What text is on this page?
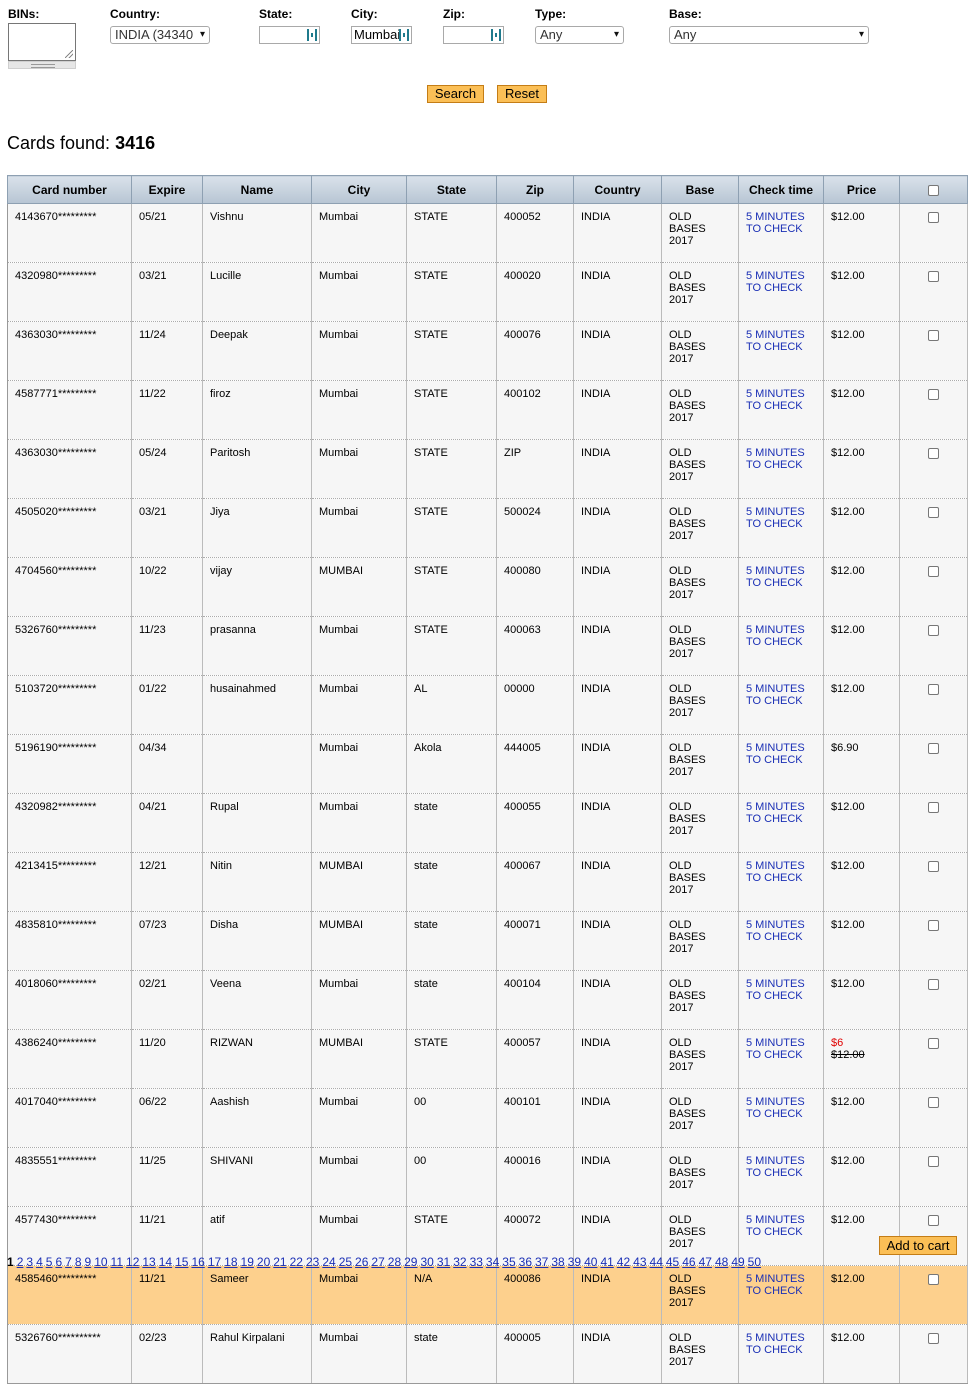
BINs:	Country:
INDIA (34340 ▾
State:	City:
Mumbai
Zip:	Type:
Any	▾
Base:
Any	▾
Search	Reset
Cards found: 3416
Card number	Expire	Name	City	State	Zip	Country	Base	Check time	Price	
4143670*********	05/21	Vishnu	Mumbai	STATE	400052	INDIA	OLD
BASES
2017	5 MINUTES
TO CHECK	$12.00	
4320980*********	03/21	Lucille	Mumbai	STATE	400020	INDIA	OLD
BASES
2017	5 MINUTES
TO CHECK	$12.00	
4363030*********	11/24	Deepak	Mumbai	STATE	400076	INDIA	OLD
BASES
2017	5 MINUTES
TO CHECK	$12.00	
4587771*********	11/22	firoz	Mumbai	STATE	400102	INDIA	OLD
BASES
2017	5 MINUTES
TO CHECK	$12.00	
4363030*********	05/24	Paritosh	Mumbai	STATE	ZIP	INDIA	OLD
BASES
2017	5 MINUTES
TO CHECK	$12.00	
4505020*********	03/21	Jiya	Mumbai	STATE	500024	INDIA	OLD
BASES
2017	5 MINUTES
TO CHECK	$12.00	
4704560*********	10/22	vijay	MUMBAI	STATE	400080	INDIA	OLD
BASES
2017	5 MINUTES
TO CHECK	$12.00	
5326760*********	11/23	prasanna	Mumbai	STATE	400063	INDIA	OLD
BASES
2017	5 MINUTES
TO CHECK	$12.00	
5103720*********	01/22	husainahmed	Mumbai	AL	00000	INDIA	OLD
BASES
2017	5 MINUTES
TO CHECK	$12.00	
5196190*********	04/34		Mumbai	Akola	444005	INDIA	OLD
BASES
2017	5 MINUTES
TO CHECK	$6.90	
4320982*********	04/21	Rupal	Mumbai	state	400055	INDIA	OLD
BASES
2017	5 MINUTES
TO CHECK	$12.00	
4213415*********	12/21	Nitin	MUMBAI	state	400067	INDIA	OLD
BASES
2017	5 MINUTES
TO CHECK	$12.00	
4835810*********	07/23	Disha	MUMBAI	state	400071	INDIA	OLD
BASES
2017	5 MINUTES
TO CHECK	$12.00	
4018060*********	02/21	Veena	Mumbai	state	400104	INDIA	OLD
BASES
2017	5 MINUTES
TO CHECK	$12.00	
4386240*********	11/20	RIZWAN	MUMBAI	STATE	400057	INDIA	OLD
BASES
2017	5 MINUTES
TO CHECK	$6
$12.00	

4017040*********	06/22	Aashish	Mumbai	00	400101	INDIA	OLD
BASES
2017	5 MINUTES
TO CHECK	$12.00	
4835551*********	11/25	SHIVANI	Mumbai	00	400016	INDIA	OLD
BASES
2017	5 MINUTES
TO CHECK	$12.00	
4577430*********	11/21	atif	Mumbai	STATE	400072	INDIA	OLD
BASES
2017	5 MINUTES
TO CHECK	$12.00	
4585460*********	11/21	Sameer	Mumbai	N/A	400086	INDIA	OLD
BASES
2017	5 MINUTES
TO CHECK	$12.00	
5326760**********	02/23	Rahul Kirpalani	Mumbai	state	400005	INDIA	OLD
BASES
2017	5 MINUTES
TO CHECK	$12.00	
Add to cart
1 2 3 4 5 6 7 8 9 10 11 12 13 14 15 16 17 18 19 20 21 22 23 24 25 26 27 28 29 30 31 32 33 34 35 36 37 38 39 40 41 42 43 44 45 46 47 48 49 50
